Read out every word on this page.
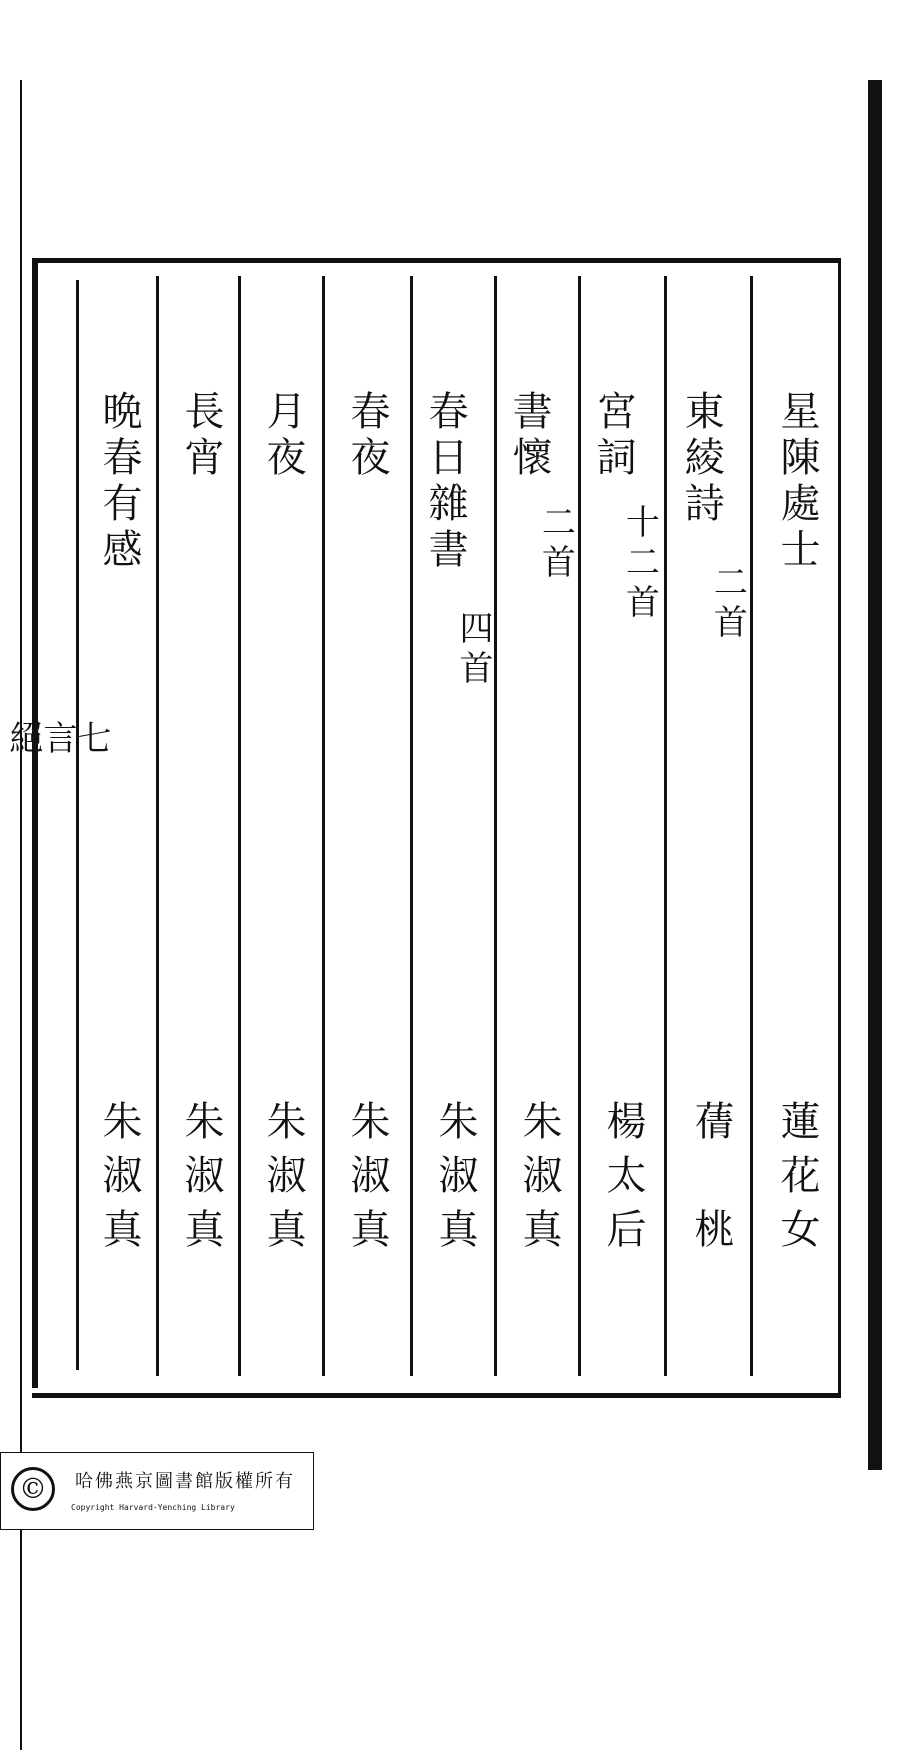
七言絕
星陳處士
蓮花女
東綾詩
二首
蒨　桃
宮詞
十二首
楊太后
書懷
二首
朱淑真
春日雜書
四首
朱淑真
春夜
朱淑真
月夜
朱淑真
長宵
朱淑真
晩春有感
朱淑真
©	哈佛燕京圖書館版權所有
Copyright Harvard-Yenching Library
